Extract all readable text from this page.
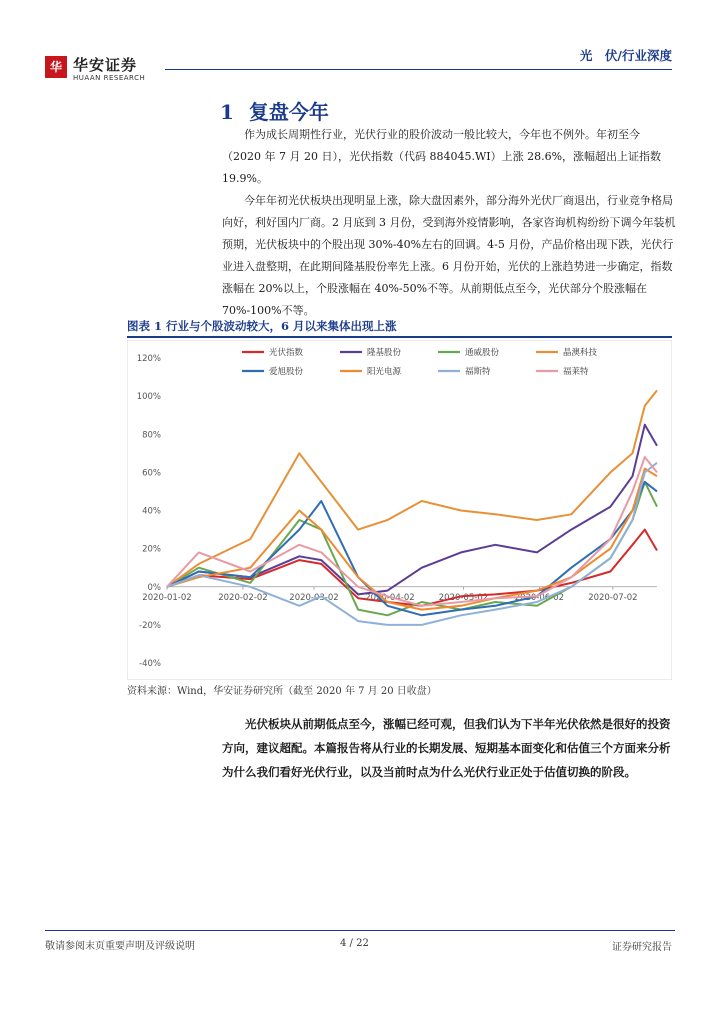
华 华安证券
HUAAN RESEARCH
光　伏/行业深度
1 复盘今年

作为成长周期性行业，光伏行业的股价波动一般比较大，今年也不例外。年初至今（2020 年 7 月 20 日），光伏指数（代码 884045.WI）上涨 28.6%，涨幅超出上证指数 19.9%。

今年年初光伏板块出现明显上涨，除大盘因素外，部分海外光伏厂商退出，行业竞争格局向好，利好国内厂商。2 月底到 3 月份，受到海外疫情影响，各家咨询机构纷纷下调今年装机预期，光伏板块中的个股出现 30%-40%左右的回调。4-5 月份，产品价格出现下跌，光伏行业进入盘整期，在此期间隆基股份率先上涨。6 月份开始，光伏的上涨趋势进一步确定，指数涨幅在 20%以上，个股涨幅在 40%-50%不等。从前期低点至今，光伏部分个股涨幅在 70%-100%不等。

图表 1 行业与个股波动较大，6 月以来集体出现上涨
-40%
-20%
0%
20%
40%
60%
80%
100%
120%
2020-01-02	2020-02-02	2020-03-02	2020-04-02	2020-05-02	2020-06-02	2020-07-02
光伏指数	隆基股份	通威股份	晶澳科技
爱旭股份	阳光电源	福斯特	福莱特
资料来源：Wind，华安证券研究所（截至 2020 年 7 月 20 日收盘）

光伏板块从前期低点至今，涨幅已经可观，但我们认为下半年光伏依然是很好的投资方向，建议超配。本篇报告将从行业的长期发展、短期基本面变化和估值三个方面来分析为什么我们看好光伏行业，以及当前时点为什么光伏行业正处于估值切换的阶段。

敬请参阅末页重要声明及评级说明	4 / 22	证券研究报告
